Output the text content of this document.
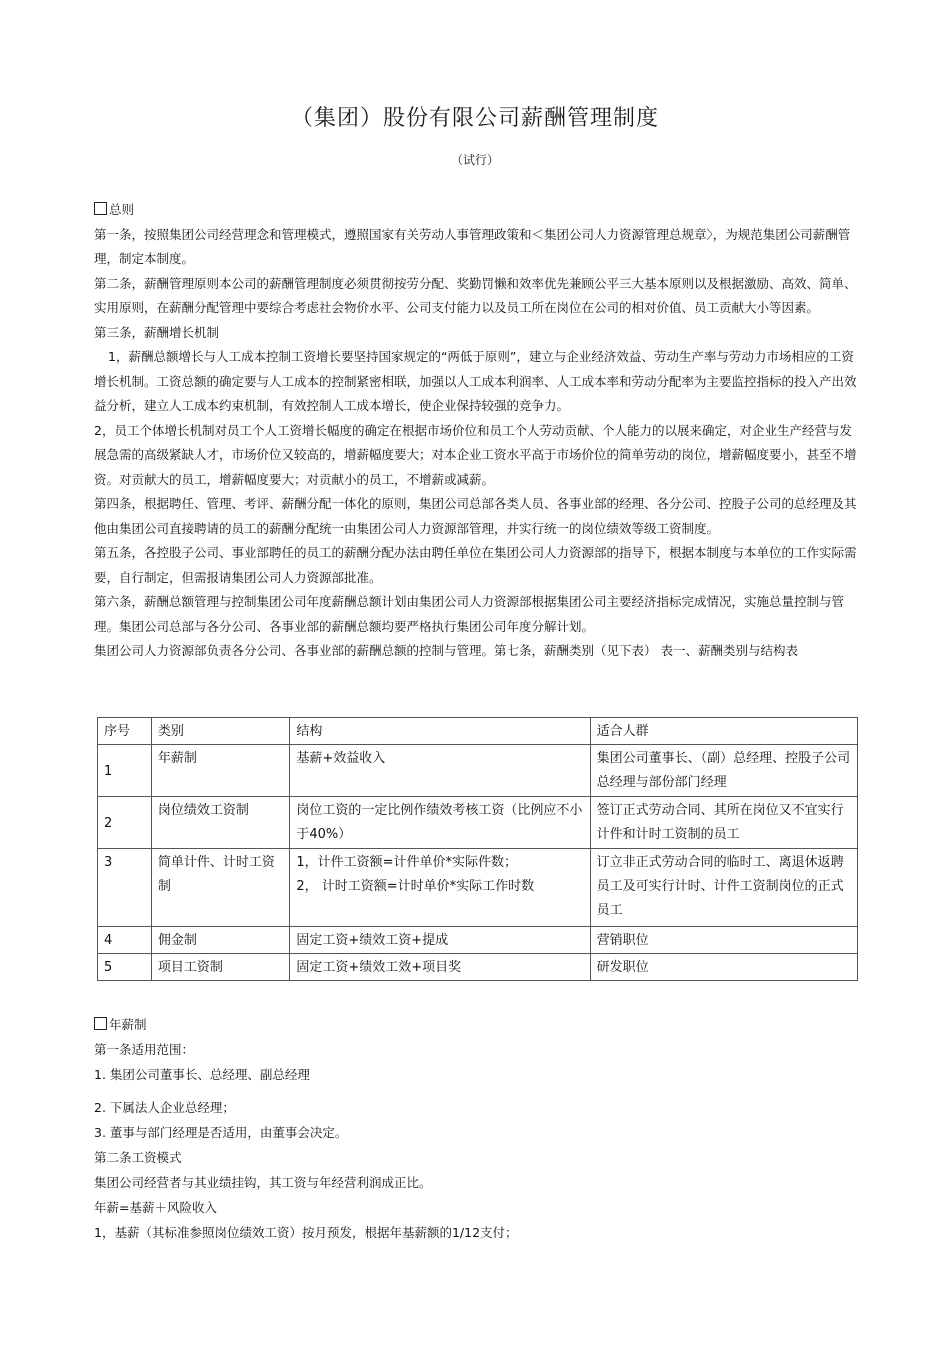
（集团）股份有限公司薪酬管理制度
（试行）

总则

第一条，按照集团公司经营理念和管理模式，遵照国家有关劳动人事管理政策和＜集团公司人力资源管理总规章〉，为规范集团公司薪酬管理，制定本制度。

第二条，薪酬管理原则本公司的薪酬管理制度必须贯彻按劳分配、奖勤罚懒和效率优先兼顾公平三大基本原则以及根据激励、高效、简单、实用原则，在薪酬分配管理中要综合考虑社会物价水平、公司支付能力以及员工所在岗位在公司的相对价值、员工贡献大小等因素。

第三条，薪酬增长机制

1，薪酬总额增长与人工成本控制工资增长要坚持国家规定的“两低于原则”，建立与企业经济效益、劳动生产率与劳动力市场相应的工资增长机制。工资总额的确定要与人工成本的控制紧密相联，加强以人工成本利润率、人工成本率和劳动分配率为主要监控指标的投入产出效益分析，建立人工成本约束机制，有效控制人工成本增长，使企业保持较强的竞争力。

2，员工个体增长机制对员工个人工资增长幅度的确定在根据市场价位和员工个人劳动贡献、个人能力的以展来确定，对企业生产经营与发展急需的高级紧缺人才，市场价位又较高的，增薪幅度要大；对本企业工资水平高于市场价位的简单劳动的岗位，增薪幅度要小，甚至不增资。对贡献大的员工，增薪幅度要大；对贡献小的员工，不增薪或减薪。

第四条，根据聘任、管理、考评、薪酬分配一体化的原则，集团公司总部各类人员、各事业部的经理、各分公司、控股子公司的总经理及其他由集团公司直接聘请的员工的薪酬分配统一由集团公司人力资源部管理，并实行统一的岗位绩效等级工资制度。

第五条，各控股子公司、事业部聘任的员工的薪酬分配办法由聘任单位在集团公司人力资源部的指导下，根据本制度与本单位的工作实际需要，自行制定，但需报请集团公司人力资源部批准。

第六条，薪酬总额管理与控制集团公司年度薪酬总额计划由集团公司人力资源部根据集团公司主要经济指标完成情况，实施总量控制与管理。集团公司总部与各分公司、各事业部的薪酬总额均要严格执行集团公司年度分解计划。

集团公司人力资源部负责各分公司、各事业部的薪酬总额的控制与管理。第七条，薪酬类别（见下表） 表一、薪酬类别与结构表

序号	类别	结构	适合人群
1	年薪制	基薪+效益收入	集团公司董事长、（副）总经理、控股子公司总经理与部份部门经理
2	岗位绩效工资制	岗位工资的一定比例作绩效考核工资（比例应不小于40%）	签订正式劳动合同、其所在岗位又不宜实行计件和计时工资制的员工
3	简单计件、计时工资制	1，计件工资额=计件单价*实际件数；
2， 计时工资额=计时单价*实际工作时数	订立非正式劳动合同的临时工、离退休返聘员工及可实行计时、计件工资制岗位的正式员工
4	佣金制	固定工资+绩效工资+提成	营销职位
5	项目工资制	固定工资+绩效工效+项目奖	研发职位

年薪制

第一条适用范围：

1. 集团公司董事长、总经理、副总经理

2. 下属法人企业总经理；

3. 董事与部门经理是否适用，由董事会决定。

第二条工资模式

集团公司经营者与其业绩挂钩，其工资与年经营利润成正比。

年薪=基薪＋风险收入

1，基薪（其标准参照岗位绩效工资）按月预发，根据年基薪额的1/12支付；
